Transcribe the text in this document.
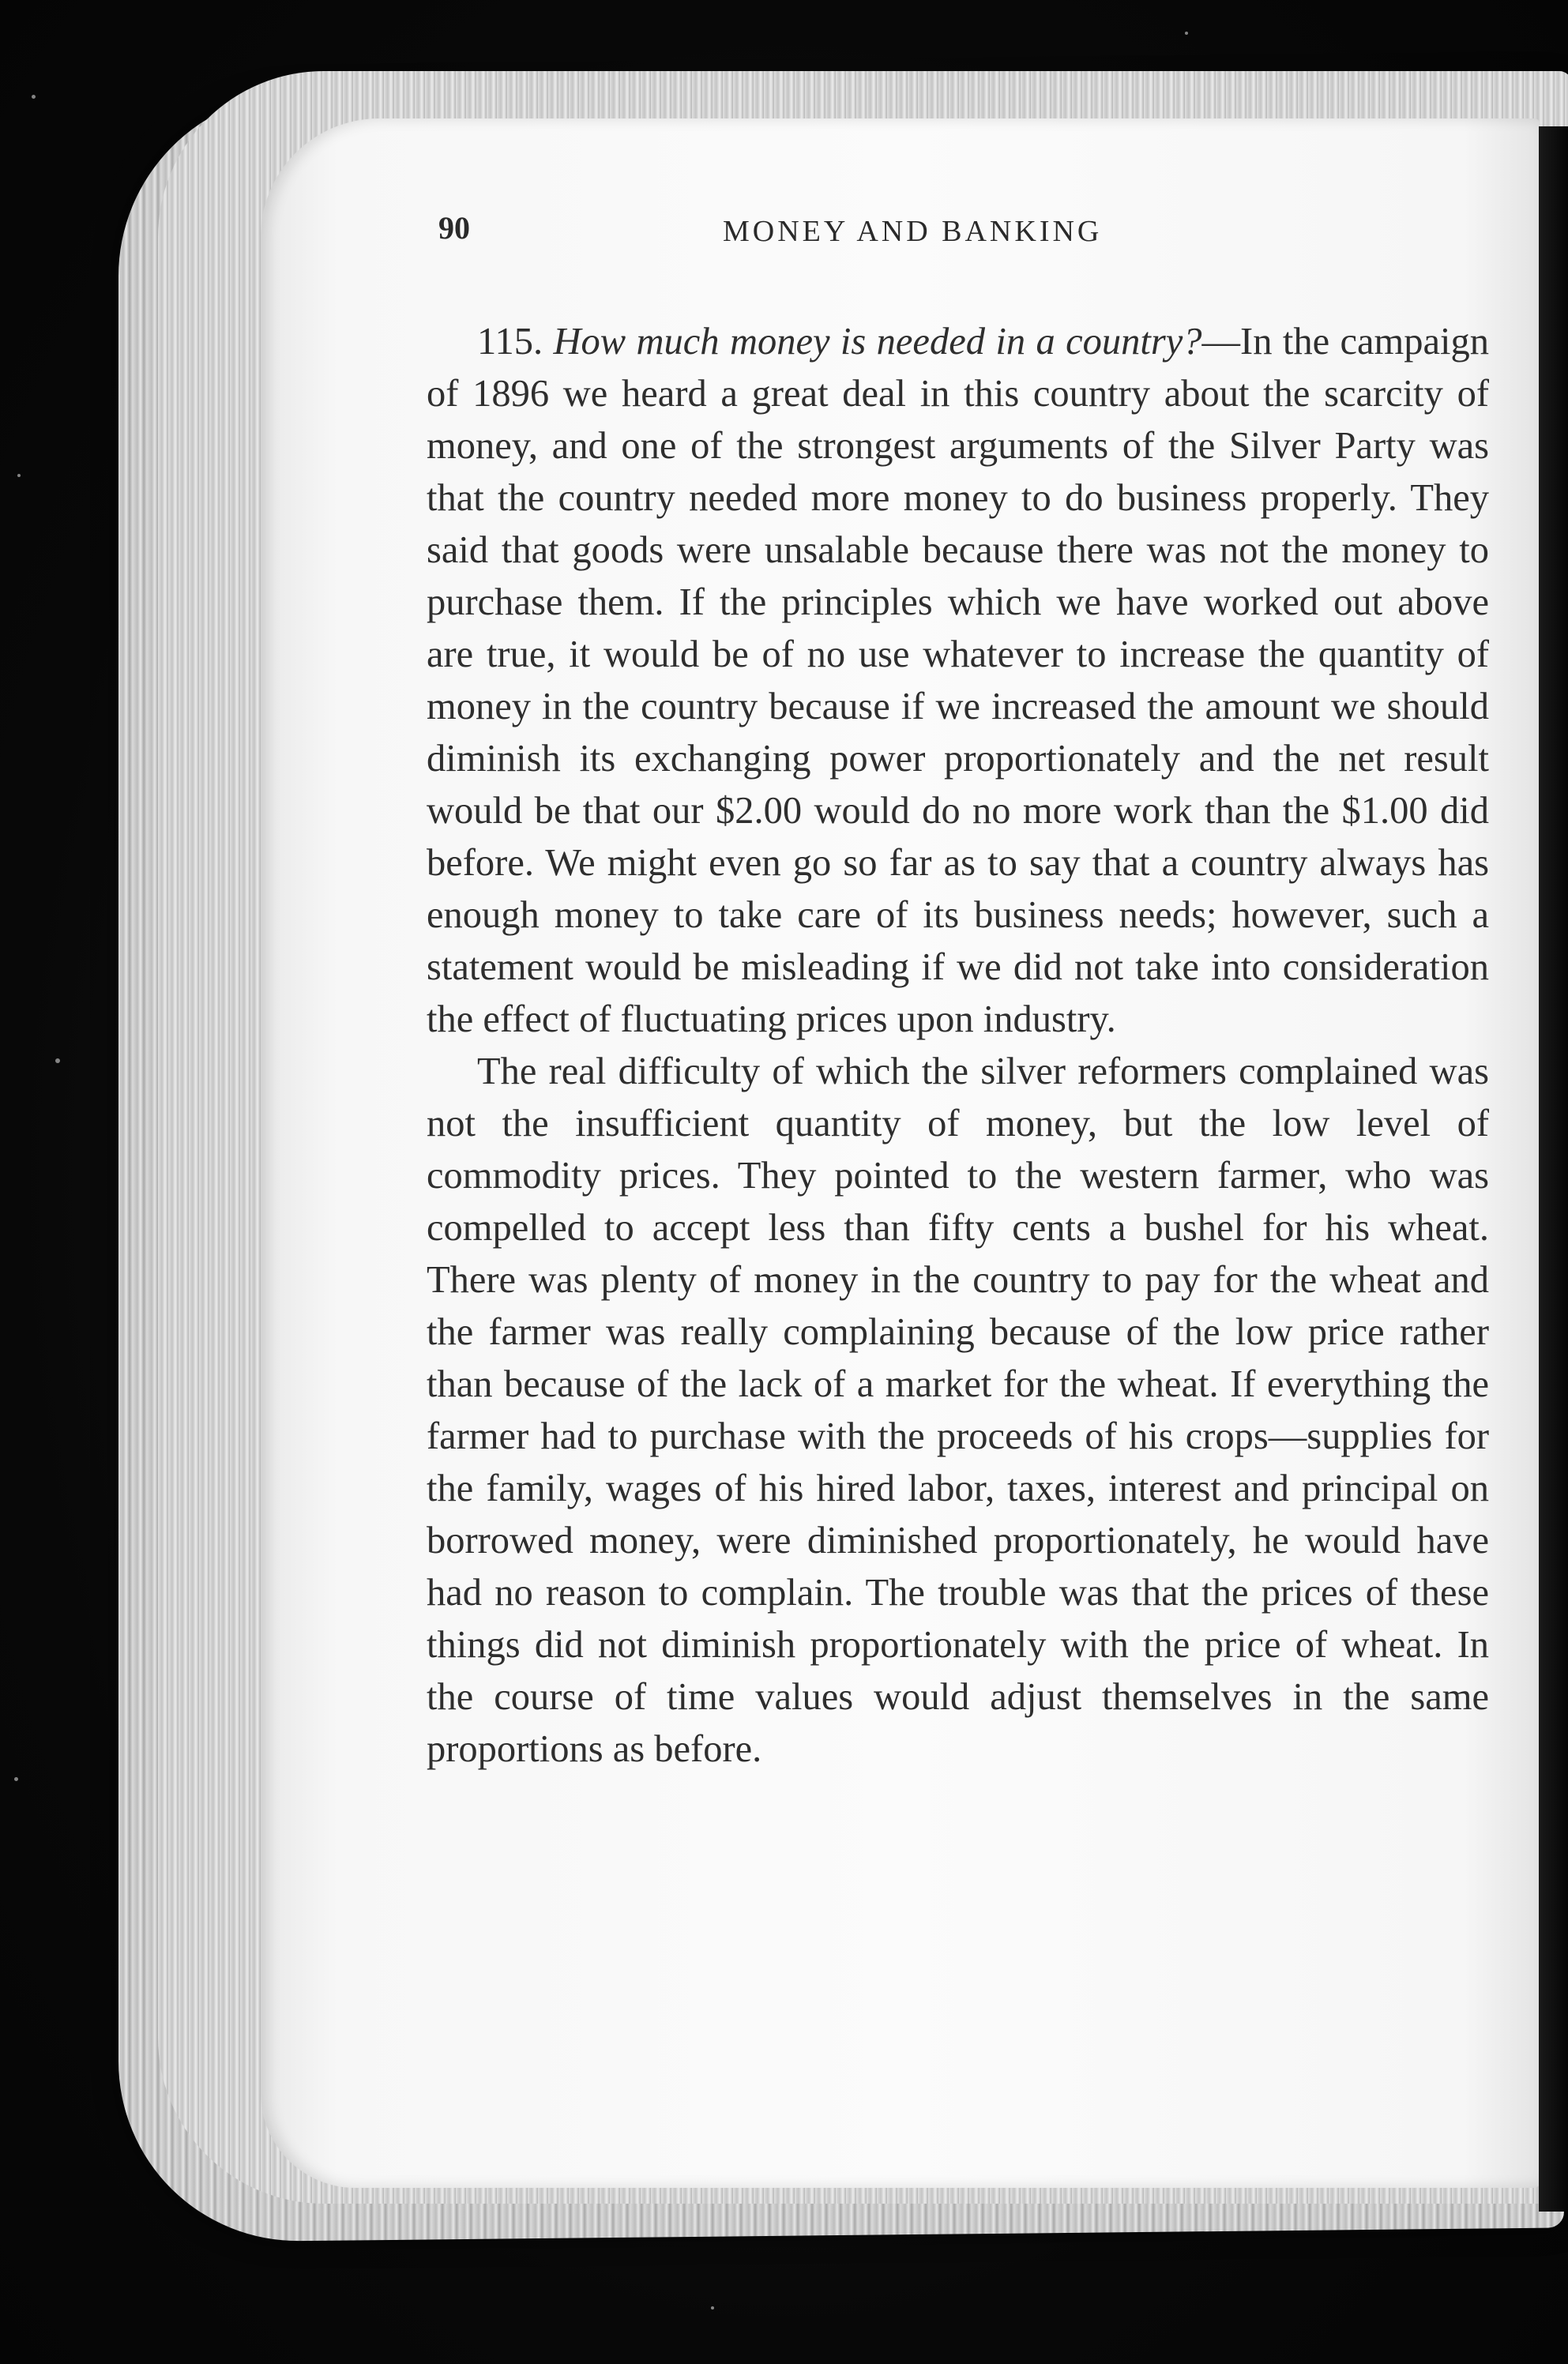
90	MONEY AND BANKING

115. How much money is needed in a country?—In the campaign of 1896 we heard a great deal in this country about the scarcity of money, and one of the strongest arguments of the Silver Party was that the country needed more money to do business properly. They said that goods were unsalable because there was not the money to purchase them. If the principles which we have worked out above are true, it would be of no use whatever to increase the quantity of money in the country because if we increased the amount we should diminish its exchanging power proportionately and the net result would be that our $2.00 would do no more work than the $1.00 did before. We might even go so far as to say that a country always has enough money to take care of its business needs; however, such a statement would be misleading if we did not take into consideration the effect of fluctuating prices upon industry.

The real difficulty of which the silver reformers complained was not the insufficient quantity of money, but the low level of commodity prices. They pointed to the western farmer, who was compelled to accept less than fifty cents a bushel for his wheat. There was plenty of money in the country to pay for the wheat and the farmer was really complaining because of the low price rather than because of the lack of a market for the wheat. If everything the farmer had to purchase with the proceeds of his crops—supplies for the family, wages of his hired labor, taxes, interest and principal on borrowed money, were diminished proportionately, he would have had no reason to complain. The trouble was that the prices of these things did not diminish proportionately with the price of wheat. In the course of time values would adjust themselves in the same proportions as before.
